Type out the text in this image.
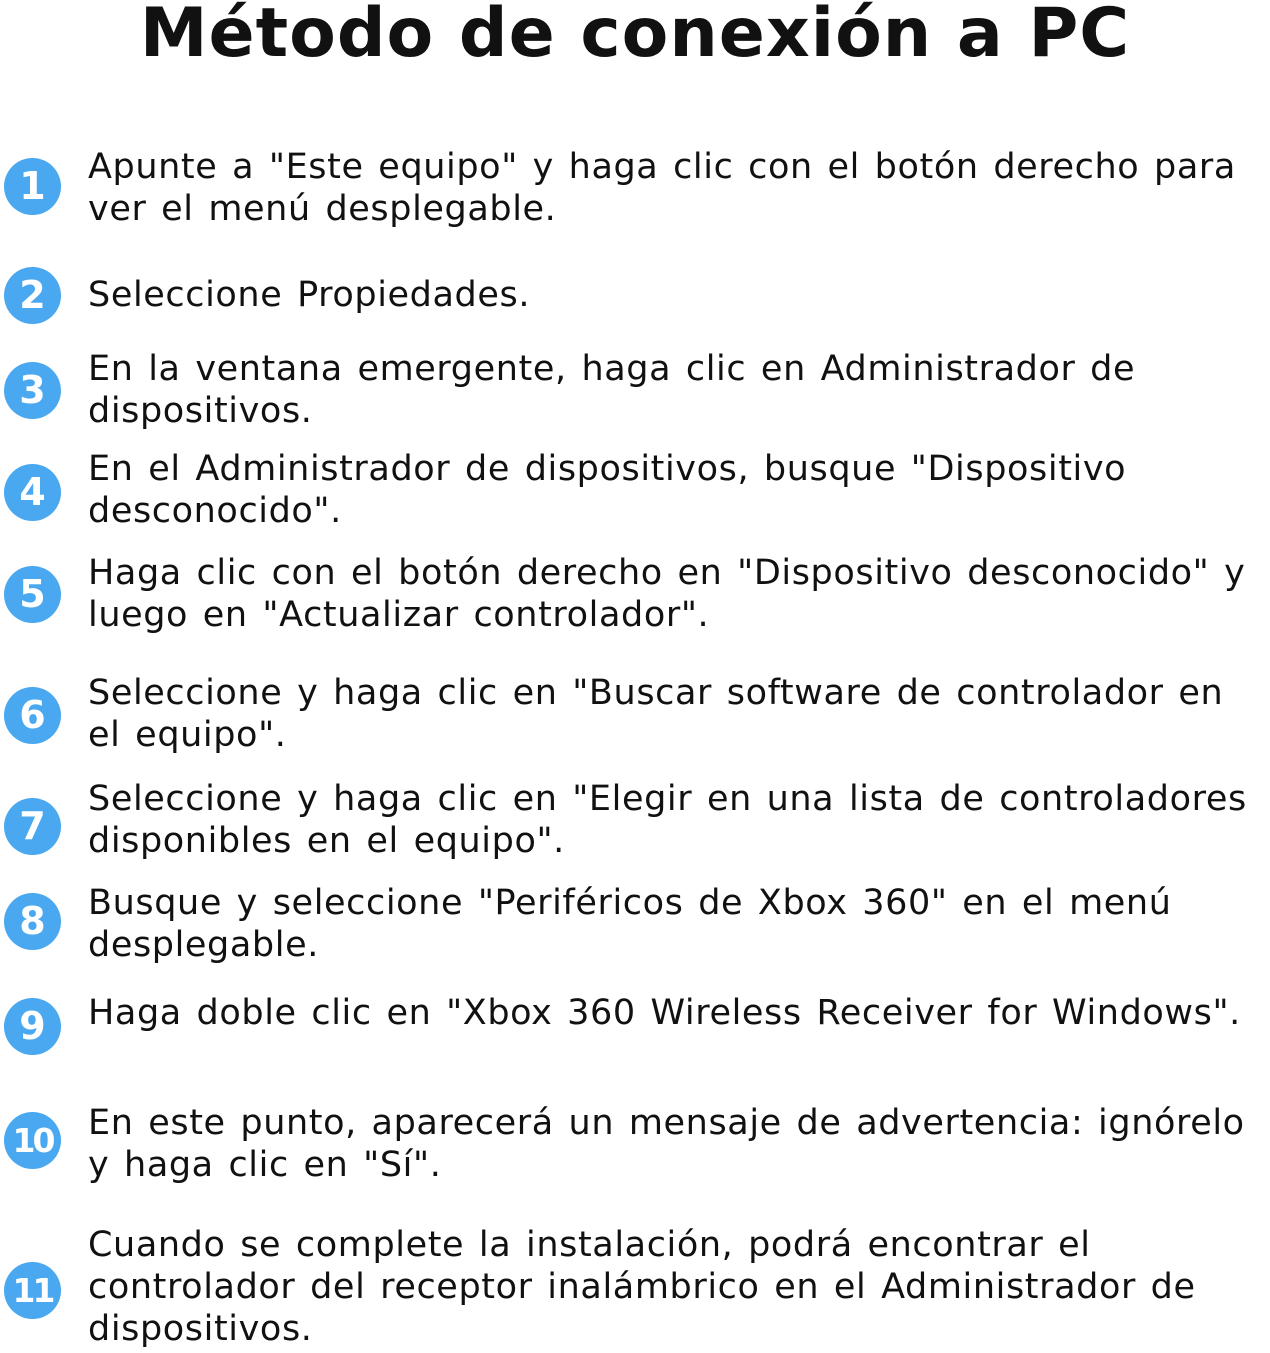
Método de conexión a PC
1	Apunte a "Este equipo" y haga clic con el botón derecho para ver el menú desplegable.

2	Seleccione Propiedades.

3	En la ventana emergente, haga clic en Administrador de dispositivos.

4

En el Administrador de dispositivos, busque "Dispositivo desconocido".

5	Haga clic con el botón derecho en "Dispositivo desconocido" y luego en "Actualizar controlador".

6	Seleccione y haga clic en "Buscar software de controlador en el equipo".

7

Seleccione y haga clic en "Elegir en una lista de controladores disponibles en el equipo".

8	Busque y seleccione "Periféricos de Xbox 360" en el menú desplegable.

9	Haga doble clic en "Xbox 360 Wireless Receiver for Windows".

10 En este punto, aparecerá un mensaje de advertencia: ignórelo y haga clic en "Sí".

11

Cuando se complete la instalación, podrá encontrar el controlador del receptor inalámbrico en el Administrador de dispositivos.
